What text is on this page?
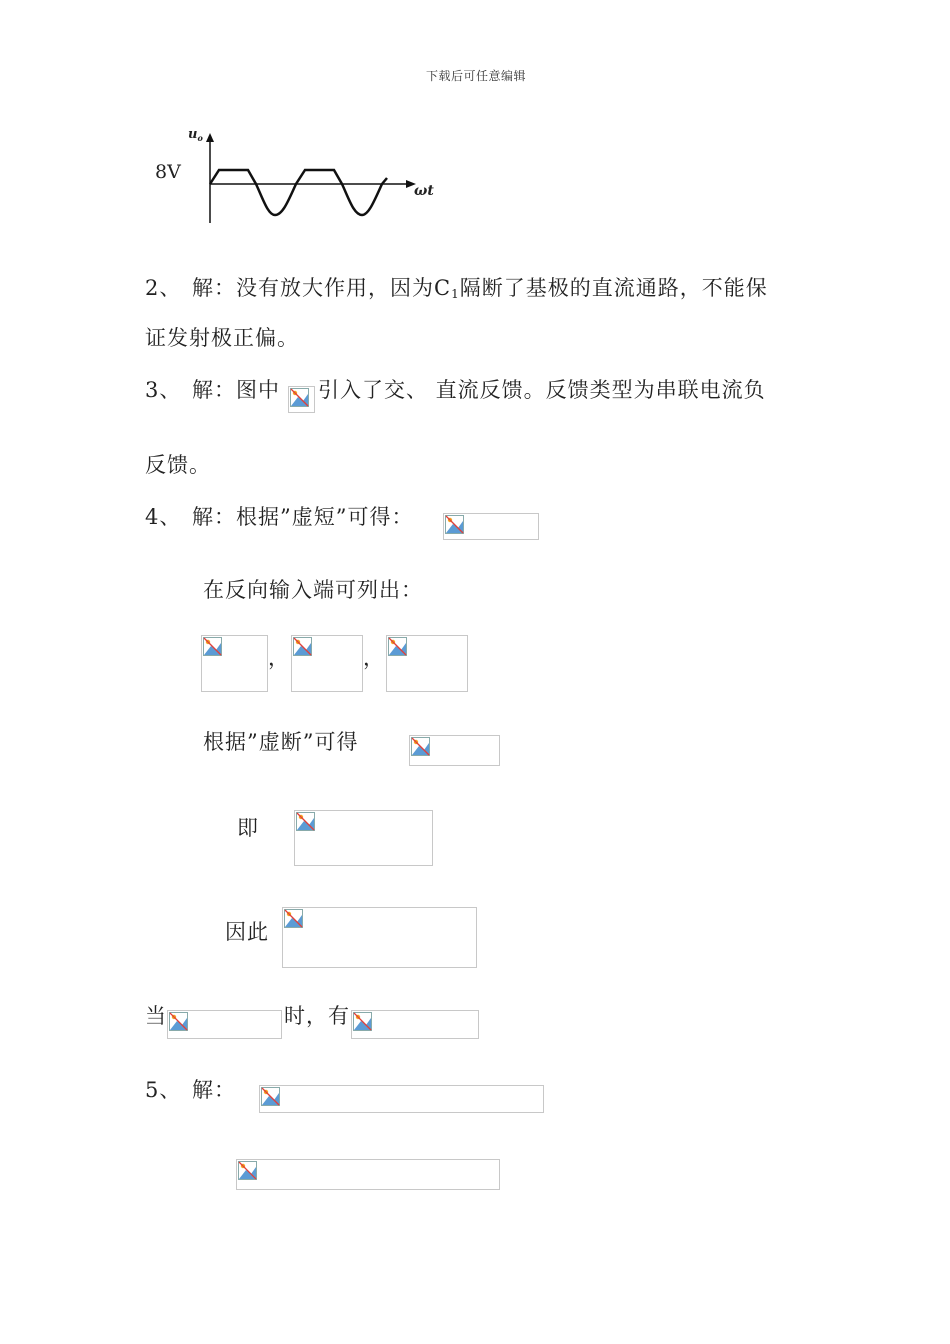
下载后可任意编辑
$u_o$
ωt
8V
2、 解：没有放大作用，因为$C_1$隔断了基极的直流通路，不能保
证发射极正偏。
3、 解：图中 引入了交、 直流反馈。反馈类型为串联电流负
反馈。
4、 解：根据”虚短”可得：
在反向输入端可列出：
，	，
根据”虚断”可得
即
因此
当	时，有
5、 解：
